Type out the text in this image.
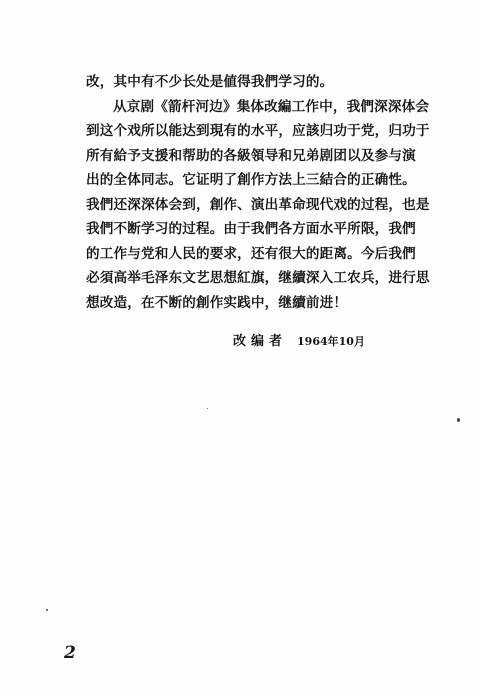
改，其中有不少长处是値得我們学习的。
从京剧《箭杆河边》集体改編工作中，我們深深体会
到这个戏所以能达到現有的水平，应該归功于党，归功于
所有給予支援和帮助的各級領导和兄弟剧团以及参与演
出的全体同志。它证明了創作方法上三結合的正确性。
我們还深深体会到，創作、演出革命现代戏的过程，也是
我們不断学习的过程。由于我們各方面水平所限，我們
的工作与党和人民的要求，还有很大的距离。今后我們
必須高举毛泽东文艺思想紅旗，继續深入工农兵，进行思
想改造，在不断的創作实践中，继續前进！
改编者 1964年10月
2
